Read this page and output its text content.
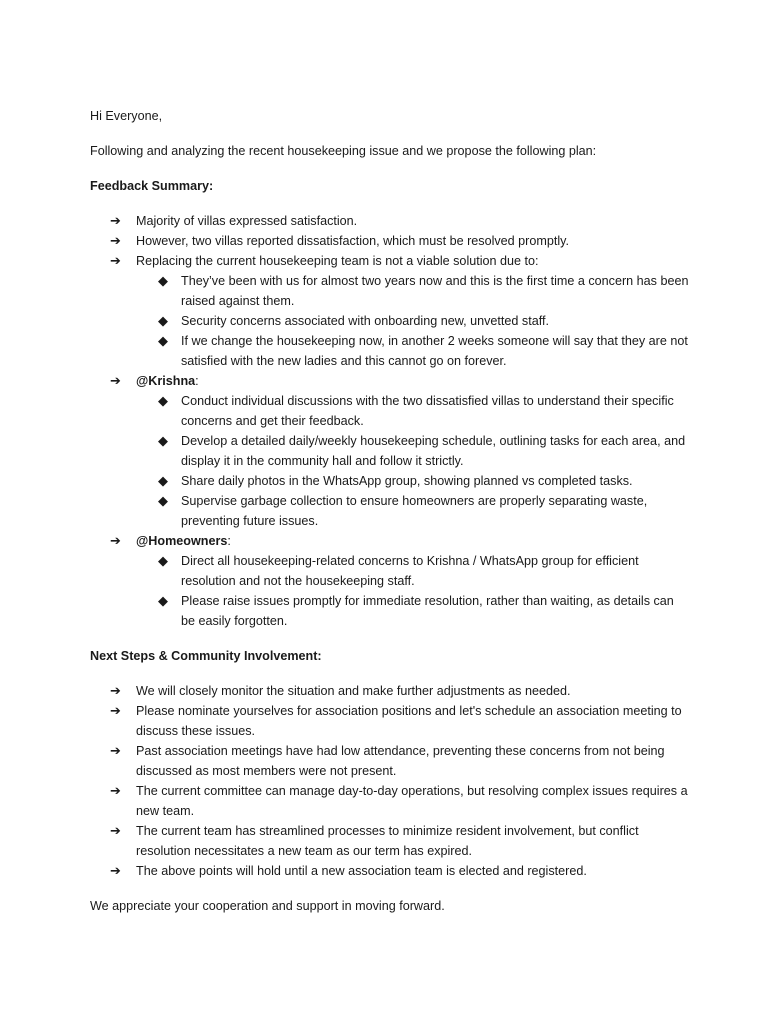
Hi Everyone,

Following and analyzing the recent housekeeping issue and we propose the following plan:

Feedback Summary:

➔ Majority of villas expressed satisfaction.
➔ However, two villas reported dissatisfaction, which must be resolved promptly.
➔ Replacing the current housekeeping team is not a viable solution due to:
◆ They’ve been with us for almost two years now and this is the first time a concern has been raised against them.
◆ Security concerns associated with onboarding new, unvetted staff.
◆ If we change the housekeeping now, in another 2 weeks someone will say that they are not satisfied with the new ladies and this cannot go on forever.
➔ @Krishna:
◆ Conduct individual discussions with the two dissatisfied villas to understand their specific concerns and get their feedback.
◆ Develop a detailed daily/weekly housekeeping schedule, outlining tasks for each area, and display it in the community hall and follow it strictly.
◆ Share daily photos in the WhatsApp group, showing planned vs completed tasks.
◆ Supervise garbage collection to ensure homeowners are properly separating waste, preventing future issues.
➔ @Homeowners:
◆ Direct all housekeeping-related concerns to Krishna / WhatsApp group for efficient resolution and not the housekeeping staff.
◆ Please raise issues promptly for immediate resolution, rather than waiting, as details can be easily forgotten.

Next Steps & Community Involvement:

➔ We will closely monitor the situation and make further adjustments as needed.
➔ Please nominate yourselves for association positions and let's schedule an association meeting to discuss these issues.
➔ Past association meetings have had low attendance, preventing these concerns from not being discussed as most members were not present.
➔ The current committee can manage day-to-day operations, but resolving complex issues requires a new team.
➔ The current team has streamlined processes to minimize resident involvement, but conflict resolution necessitates a new team as our term has expired.
➔ The above points will hold until a new association team is elected and registered.

We appreciate your cooperation and support in moving forward.
